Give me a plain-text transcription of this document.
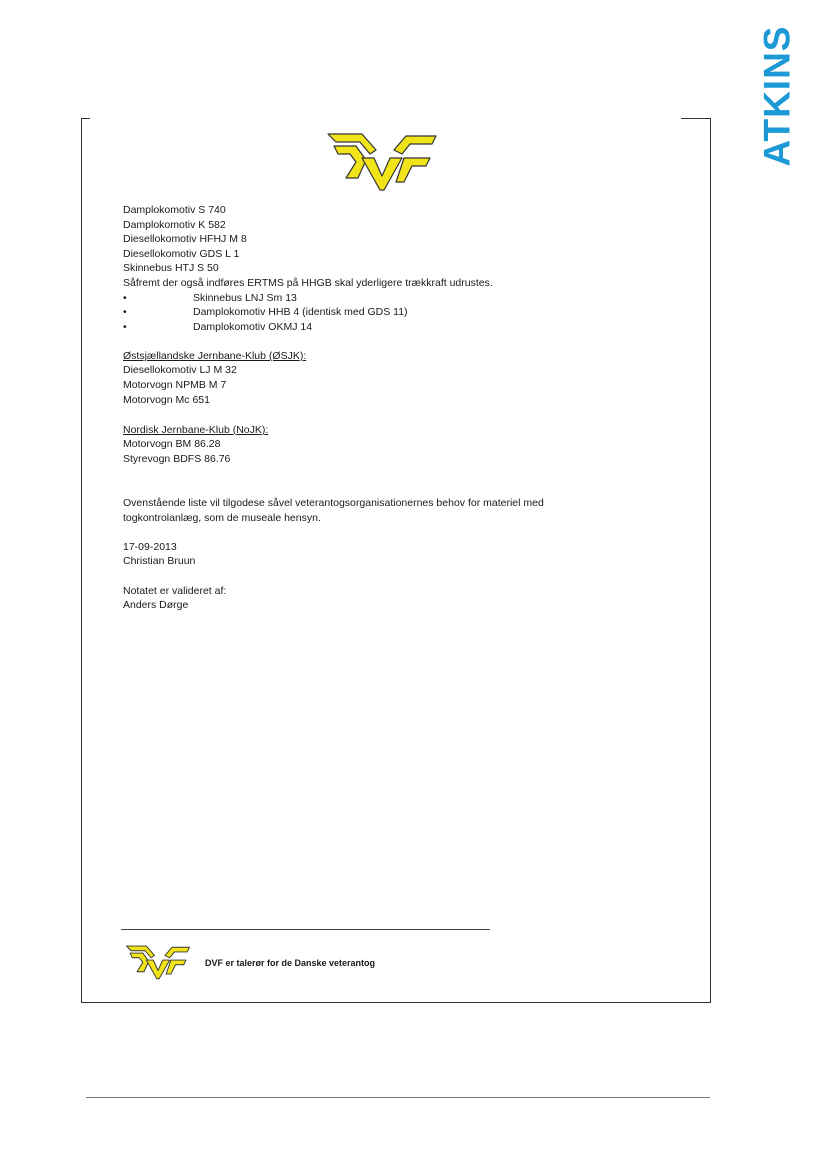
ATKINS
Damplokomotiv S 740
Damplokomotiv K 582
Diesellokomotiv HFHJ M 8
Diesellokomotiv GDS L 1
Skinnebus HTJ S 50
Såfremt der også indføres ERTMS på HHGB skal yderligere trækkraft udrustes.
•	Skinnebus LNJ Sm 13
•	Damplokomotiv HHB 4 (identisk med GDS 11)
•	Damplokomotiv OKMJ 14
Østsjællandske Jernbane-Klub (ØSJK):
Diesellokomotiv LJ M 32
Motorvogn NPMB M 7
Motorvogn Mc 651
Nordisk Jernbane-Klub (NoJK):
Motorvogn BM 86.28
Styrevogn BDFS 86.76
Ovenstående liste vil tilgodese såvel veterantogsorganisationernes behov for materiel med
togkontrolanlæg, som de museale hensyn.
17-09-2013
Christian Bruun
Notatet er valideret af:
Anders Dørge
DVF er talerør for de Danske veterantog
